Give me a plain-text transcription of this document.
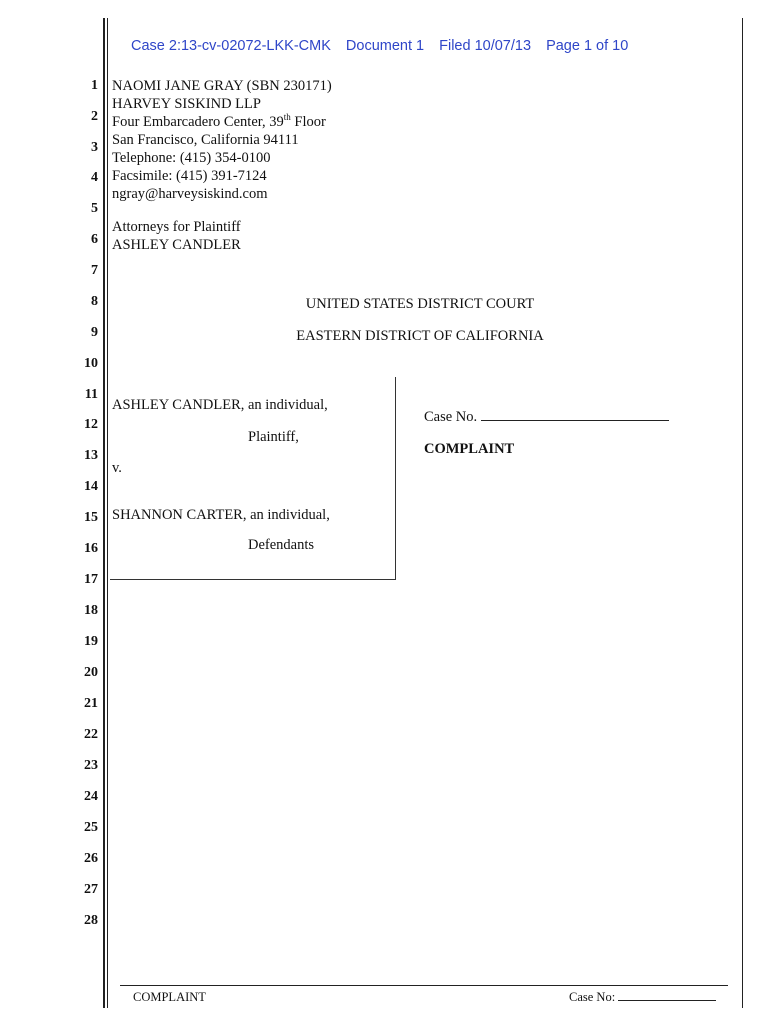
Case 2:13-cv-02072-LKK-CMK Document 1 Filed 10/07/13 Page 1 of 10
1
2
3
4
5
6
7
8
9
10
11
12
13
14
15
16
17
18
19
20
21
22
23
24
25
26
27
28
NAOMI JANE GRAY (SBN 230171)
HARVEY SISKIND LLP
Four Embarcadero Center, 39th Floor
San Francisco, California 94111
Telephone: (415) 354-0100
Facsimile: (415) 391-7124
ngray@harveysiskind.com
Attorneys for Plaintiff
ASHLEY CANDLER
UNITED STATES DISTRICT COURT
EASTERN DISTRICT OF CALIFORNIA
ASHLEY CANDLER, an individual,
Plaintiff,
v.
SHANNON CARTER, an individual,
Defendants
Case No.
COMPLAINT
COMPLAINT	Case No:
